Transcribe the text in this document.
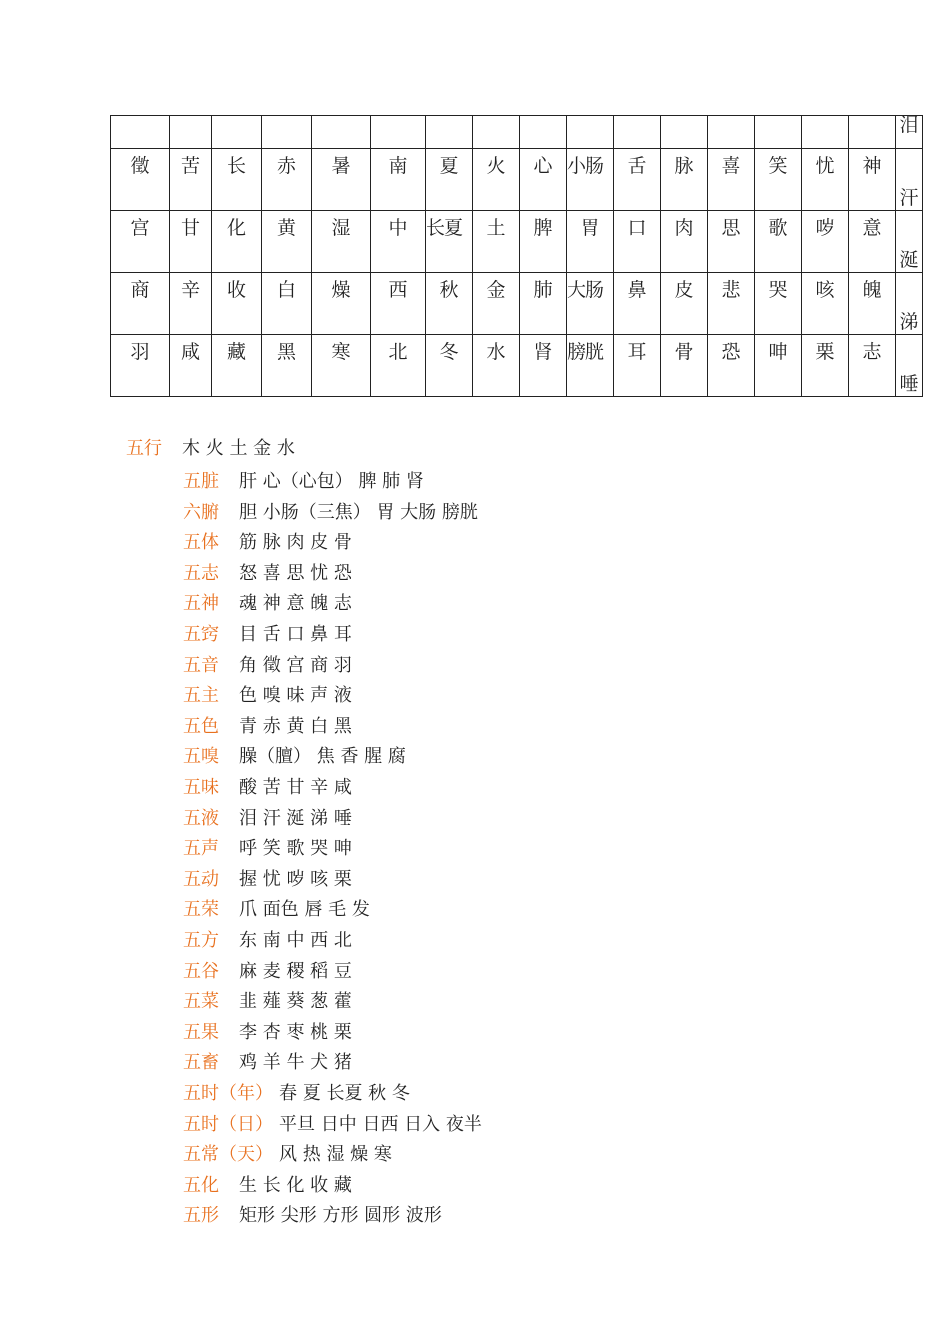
																泪
徵	苦	长	赤	暑	南	夏	火	心	小肠	舌	脉	喜	笑	忧	神	汗
宫	甘	化	黄	湿	中	长夏	土	脾	胃	口	肉	思	歌	哕	意	涎
商	辛	收	白	燥	西	秋	金	肺	大肠	鼻	皮	悲	哭	咳	魄	涕
羽	咸	藏	黑	寒	北	冬	水	肾	膀胱	耳	骨	恐	呻	栗	志	唾
五行 木 火 土 金 水
五脏 肝 心（心包） 脾 肺 肾
六腑 胆 小肠（三焦） 胃 大肠 膀胱
五体 筋 脉 肉 皮 骨
五志 怒 喜 思 忧 恐
五神 魂 神 意 魄 志
五窍 目 舌 口 鼻 耳
五音 角 徵 宫 商 羽
五主 色 嗅 味 声 液
五色 青 赤 黄 白 黑
五嗅 臊（膻） 焦 香 腥 腐
五味 酸 苦 甘 辛 咸
五液 泪 汗 涎 涕 唾
五声 呼 笑 歌 哭 呻
五动 握 忧 哕 咳 栗
五荣 爪 面色 唇 毛 发
五方 东 南 中 西 北
五谷 麻 麦 稷 稻 豆
五菜 韭 薤 葵 葱 藿
五果 李 杏 枣 桃 栗
五畜 鸡 羊 牛 犬 猪
五时（年） 春 夏 长夏 秋 冬
五时（日） 平旦 日中 日西 日入 夜半
五常（天） 风 热 湿 燥 寒
五化 生 长 化 收 藏
五形 矩形 尖形 方形 圆形 波形
